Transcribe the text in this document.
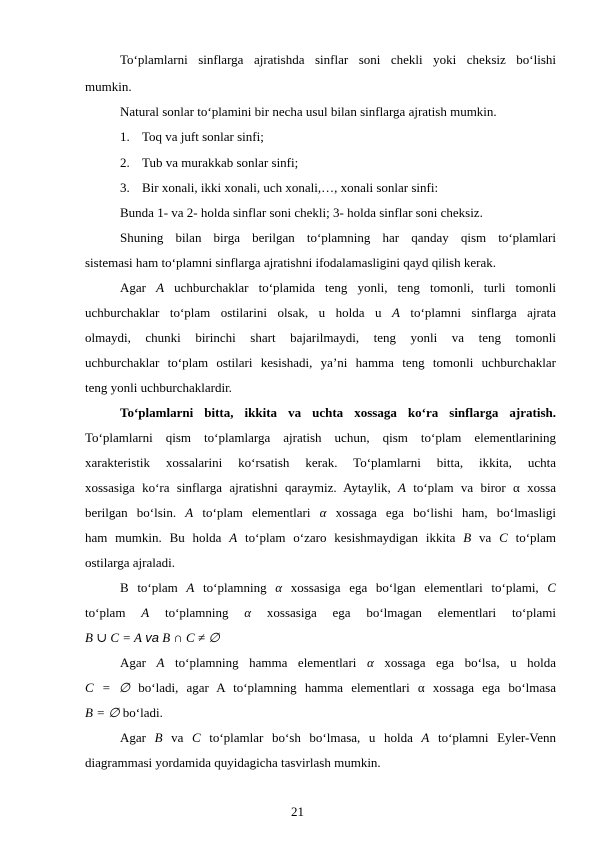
To‘plamlarni sinflarga ajratishda sinflar soni chekli yoki cheksiz bo‘lishi
mumkin.
Natural sonlar to‘plamini bir necha usul bilan sinflarga ajratish mumkin.
1. Toq va juft sonlar sinfi;
2. Tub va murakkab sonlar sinfi;
3. Bir xonali, ikki xonali, uch xonali,…, xonali sonlar sinfi:
Bunda 1- va 2- holda sinflar soni chekli; 3- holda sinflar soni cheksiz.
Shuning bilan birga berilgan to‘plamning har qanday qism to‘plamlari
sistemasi ham to‘plamni sinflarga ajratishni ifodalamasligini qayd qilish kerak.
Agar A uchburchaklar to‘plamida teng yonli, teng tomonli, turli tomonli
uchburchaklar to‘plam ostilarini olsak, u holda u A to‘plamni sinflarga ajrata
olmaydi, chunki birinchi shart bajarilmaydi, teng yonli va teng tomonli
uchburchaklar to‘plam ostilari kesishadi, ya’ni hamma teng tomonli uchburchaklar
teng yonli uchburchaklardir.
To‘plamlarni bitta, ikkita va uchta xossaga ko‘ra sinflarga ajratish.
To‘plamlarni qism to‘plamlarga ajratish uchun, qism to‘plam elementlarining
xarakteristik xossalarini ko‘rsatish kerak. To‘plamlarni bitta, ikkita, uchta
xossasiga ko‘ra sinflarga ajratishni qaraymiz. Aytaylik, A to‘plam va biror α xossa
berilgan bo‘lsin. A to‘plam elementlari α xossaga ega bo‘lishi ham, bo‘lmasligi
ham mumkin. Bu holda A to‘plam o‘zaro kesishmaydigan ikkita B va C to‘plam
ostilarga ajraladi.
B to‘plam A to‘plamning α xossasiga ega bo‘lgan elementlari to‘plami, C
to‘plam A to‘plamning α xossasiga ega bo‘lmagan elementlari to‘plami
B ∪ C = A va B ∩ C ≠ ∅
Agar A to‘plamning hamma elementlari α xossaga ega bo‘lsa, u holda
C = ∅ bo‘ladi, agar A to‘plamning hamma elementlari α xossaga ega bo‘lmasa
B = ∅ bo‘ladi.
Agar B va C to‘plamlar bo‘sh bo‘lmasa, u holda A to‘plamni Eyler-Venn
diagrammasi yordamida quyidagicha tasvirlash mumkin.
21
